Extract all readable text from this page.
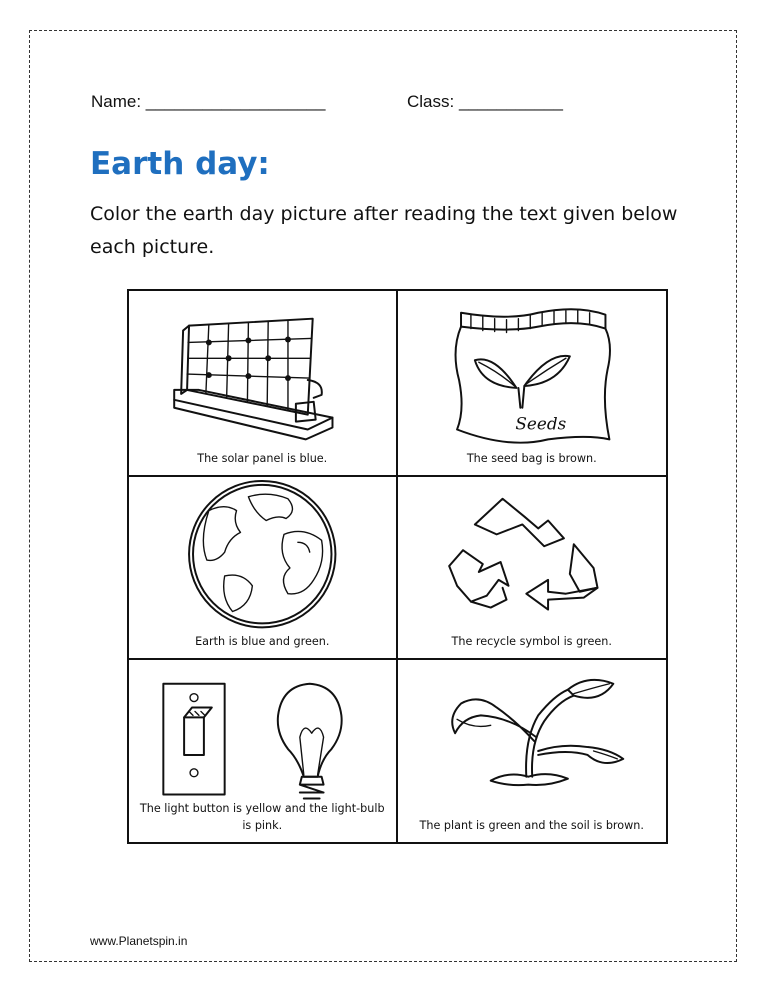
Name: ___________________	Class: ___________
Earth day:
Color the earth day picture after reading the text given below each picture.
The solar panel is blue.
Seeds
The seed bag is brown.
Earth is blue and green.	The recycle symbol is green.
The light button is yellow and the light-bulb is pink.	The plant is green and the soil is brown.
www.Planetspin.in
